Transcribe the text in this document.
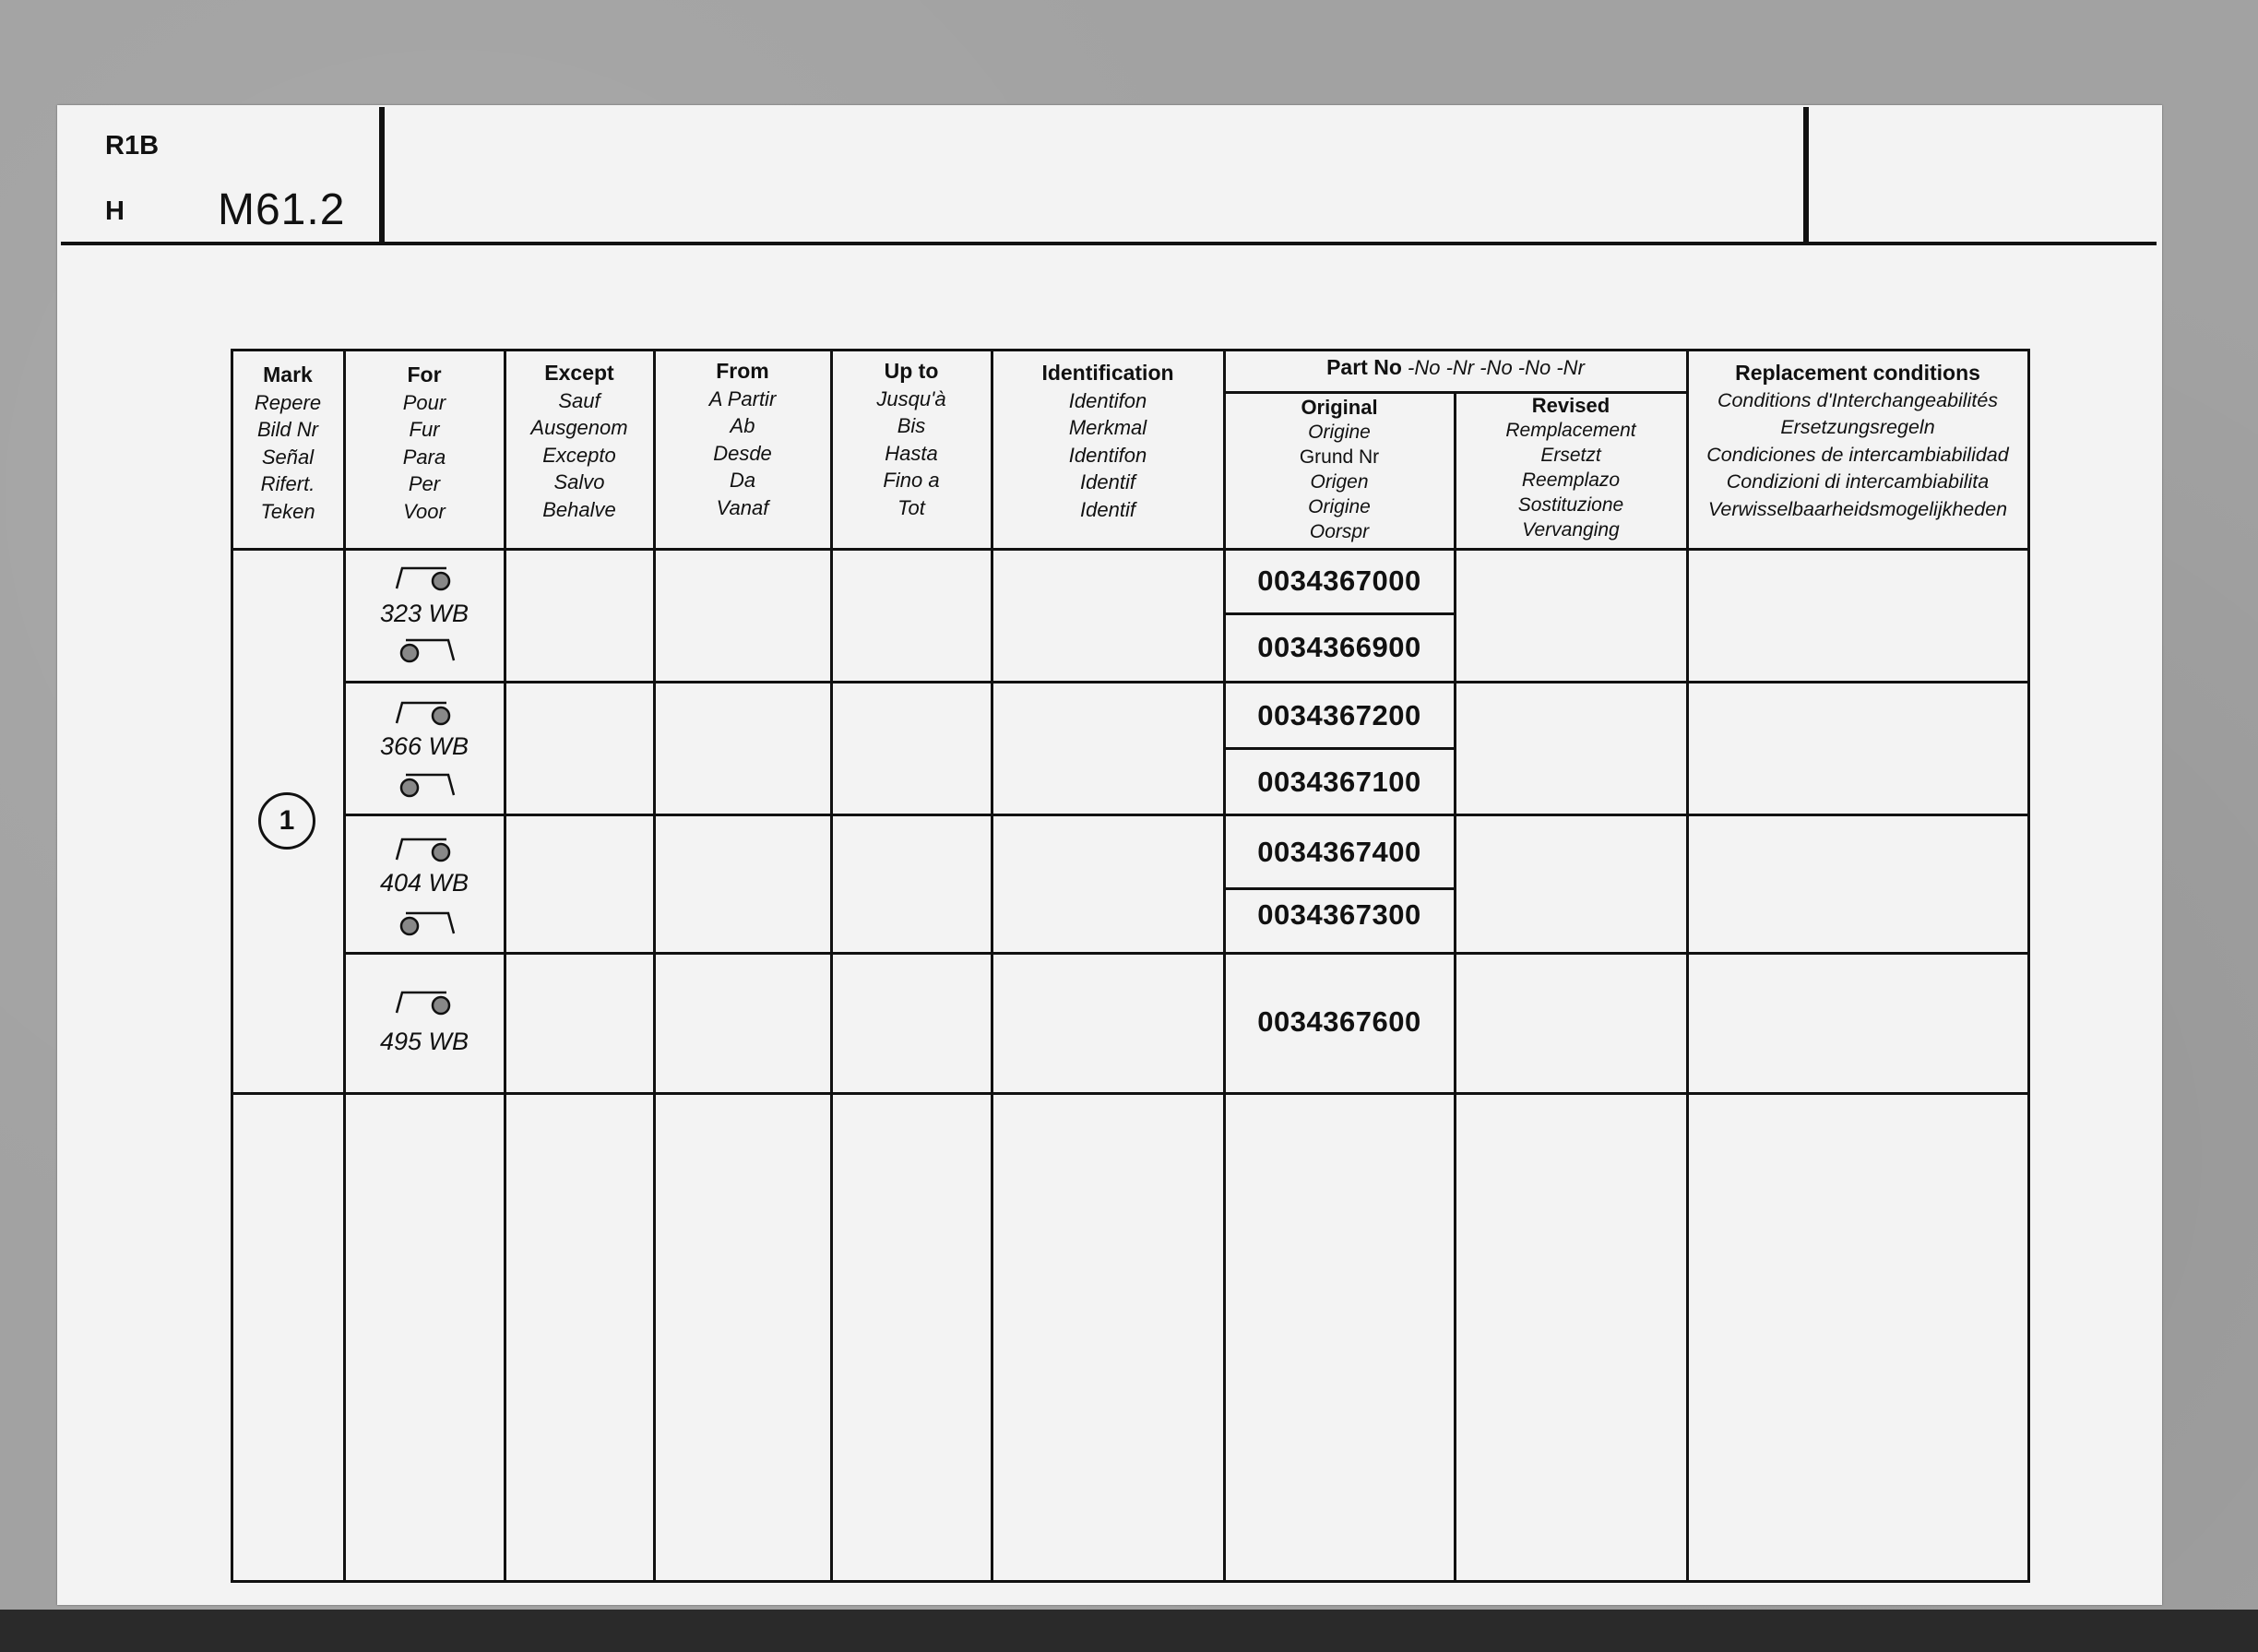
R1B
H M61.2
Mark
Repere
Bild Nr
Señal
Rifert.
Teken
For
Pour
Fur
Para
Per
Voor
Except
Sauf
Ausgenom
Excepto
Salvo
Behalve
From
A Partir
Ab
Desde
Da
Vanaf
Up to
Jusqu'à
Bis
Hasta
Fino a
Tot
Identification
Identifon
Merkmal
Identifon
Identif
Identif
Part No -No -Nr -No -No -Nr
Original
Origine
Grund Nr
Origen
Origine
Oorspr
Revised
Remplacement
Ersetzt
Reemplazo
Sostituzione
Vervanging
Replacement conditions
Conditions d'Interchangeabilités
Ersetzungsregeln
Condiciones de intercambiabilidad
Condizioni di intercambiabilita
Verwisselbaarheidsmogelijkheden
1
323 WB
366 WB
404 WB
495 WB
0034367000
0034366900
0034367200
0034367100
0034367400
0034367300
0034367600
